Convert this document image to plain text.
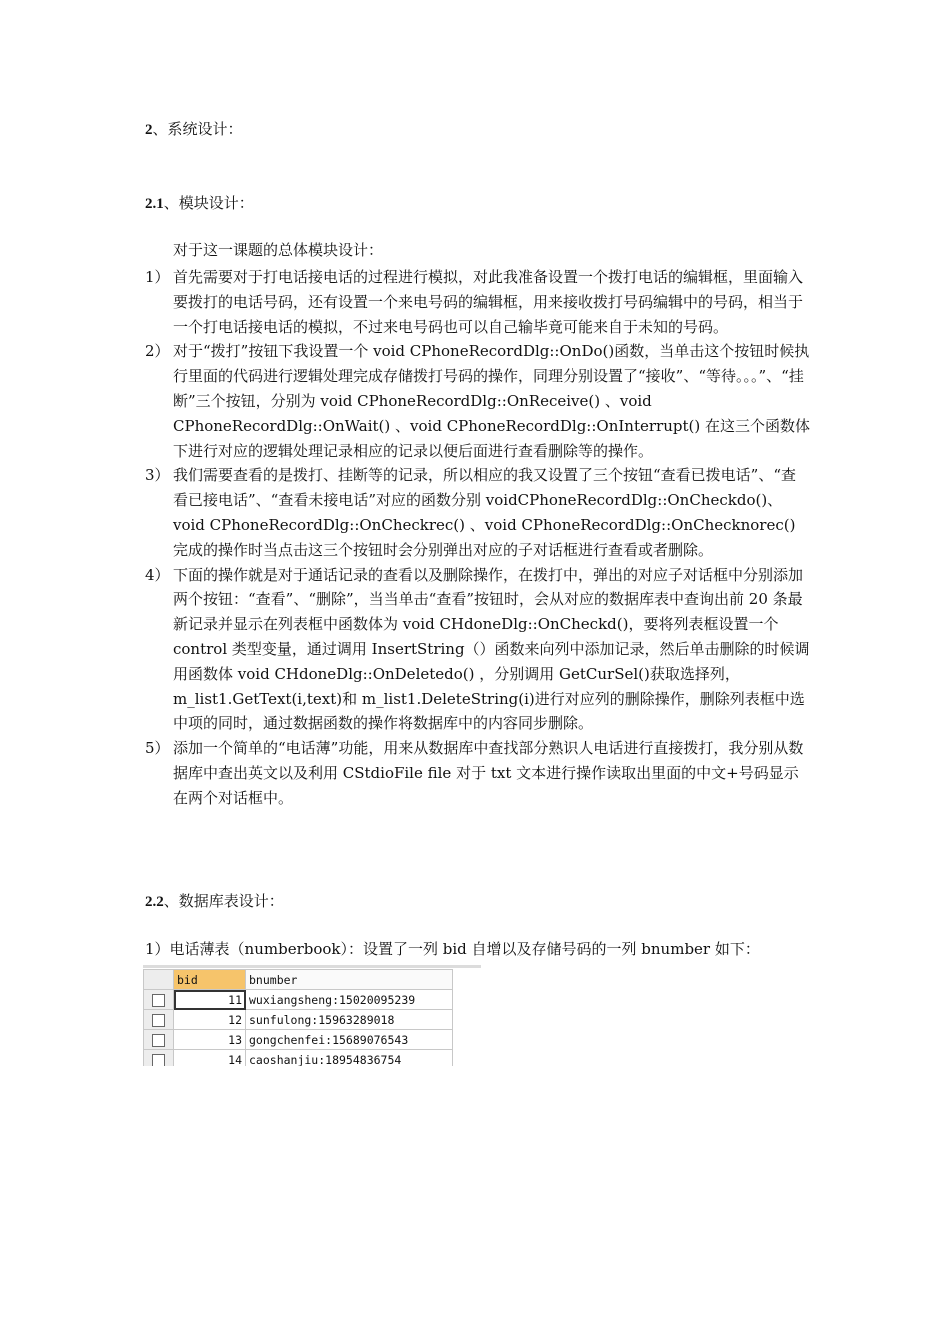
2、系统设计：
2.1、模块设计：
对于这一课题的总体模块设计：
1） 首先需要对于打电话接电话的过程进行模拟，对此我准备设置一个拨打电话的编辑框，里面输入要拨打的电话号码，还有设置一个来电号码的编辑框，用来接收拨打号码编辑中的号码，相当于一个打电话接电话的模拟，不过来电号码也可以自己输毕竟可能来自于未知的号码。
2） 对于“拨打”按钮下我设置一个 void CPhoneRecordDlg::OnDo()函数，当单击这个按钮时候执行里面的代码进行逻辑处理完成存储拨打号码的操作，同理分别设置了“接收”、“等待。。。”、“挂断”三个按钮，分别为 void CPhoneRecordDlg::OnReceive() 、void CPhoneRecordDlg::OnWait() 、void CPhoneRecordDlg::OnInterrupt() 在这三个函数体下进行对应的逻辑处理记录相应的记录以便后面进行查看删除等的操作。
3） 我们需要查看的是拨打、挂断等的记录，所以相应的我又设置了三个按钮“查看已拨电话”、“查看已接电话”、“查看未接电话”对应的函数分别 voidCPhoneRecordDlg::OnCheckdo()、void CPhoneRecordDlg::OnCheckrec() 、void CPhoneRecordDlg::OnChecknorec()完成的操作时当点击这三个按钮时会分别弹出对应的子对话框进行查看或者删除。
4） 下面的操作就是对于通话记录的查看以及删除操作，在拨打中，弹出的对应子对话框中分别添加两个按钮：“查看”、“删除”，当当单击“查看”按钮时，会从对应的数据库表中查询出前 20 条最新记录并显示在列表框中函数体为 void CHdoneDlg::OnCheckd()，要将列表框设置一个 control 类型变量，通过调用 InsertString（）函数来向列中添加记录，然后单击删除的时候调用函数体 void CHdoneDlg::OnDeletedo() ，分别调用 GetCurSel()获取选择列，m_list1.GetText(i,text)和 m_list1.DeleteString(i)进行对应列的删除操作，删除列表框中选中项的同时，通过数据函数的操作将数据库中的内容同步删除。
5） 添加一个简单的“电话薄”功能，用来从数据库中查找部分熟识人电话进行直接拨打，我分别从数据库中查出英文以及利用 CStdioFile file 对于 txt 文本进行操作读取出里面的中文+号码显示在两个对话框中。
2.2、数据库表设计：
1）电话薄表（numberbook）：设置了一列 bid 自增以及存储号码的一列 bnumber 如下：
	bid	bnumber
	11	wuxiangsheng:15020095239
	12	sunfulong:15963289018
	13	gongchenfei:15689076543
	14	caoshanjiu:18954836754
